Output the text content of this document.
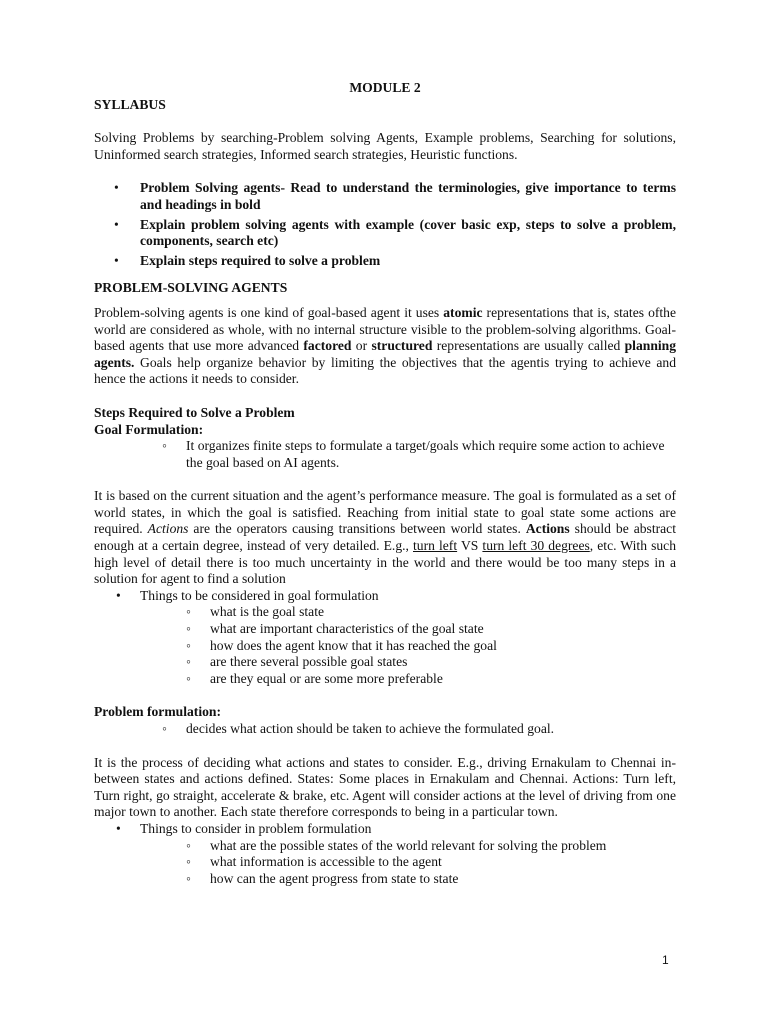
MODULE 2

SYLLABUS

Solving Problems by searching-Problem solving Agents, Example problems, Searching for solutions, Uninformed search strategies, Informed search strategies, Heuristic functions.

• Problem Solving agents- Read to understand the terminologies, give importance to terms and headings in bold
• Explain problem solving agents with example (cover basic exp, steps to solve a problem, components, search etc)
• Explain steps required to solve a problem

PROBLEM-SOLVING AGENTS

Problem-solving agents is one kind of goal-based agent it uses atomic representations that is, states ofthe world are considered as whole, with no internal structure visible to the problem-solving algorithms. Goal-based agents that use more advanced factored or structured representations are usually called planning agents. Goals help organize behavior by limiting the objectives that the agentis trying to achieve and hence the actions it needs to consider.

Steps Required to Solve a Problem

Goal Formulation:

◦ It organizes finite steps to formulate a target/goals which require some action to achieve the goal based on AI agents.

It is based on the current situation and the agent’s performance measure. The goal is formulated as a set of world states, in which the goal is satisfied. Reaching from initial state to goal state some actions are required. Actions are the operators causing transitions between world states. Actions should be abstract enough at a certain degree, instead of very detailed. E.g., turn left VS turn left 30 degrees, etc. With such high level of detail there is too much uncertainty in the world and there would be too many steps in a solution for agent to find a solution

• Things to be considered in goal formulation
◦ what is the goal state
◦ what are important characteristics of the goal state
◦ how does the agent know that it has reached the goal
◦ are there several possible goal states
◦ are they equal or are some more preferable

Problem formulation:

◦ decides what action should be taken to achieve the formulated goal.

It is the process of deciding what actions and states to consider. E.g., driving Ernakulam to Chennai in-between states and actions defined. States: Some places in Ernakulam and Chennai. Actions: Turn left, Turn right, go straight, accelerate & brake, etc. Agent will consider actions at the level of driving from one major town to another. Each state therefore corresponds to being in a particular town.

• Things to consider in problem formulation
◦ what are the possible states of the world relevant for solving the problem
◦ what information is accessible to the agent
◦ how can the agent progress from state to state
1
